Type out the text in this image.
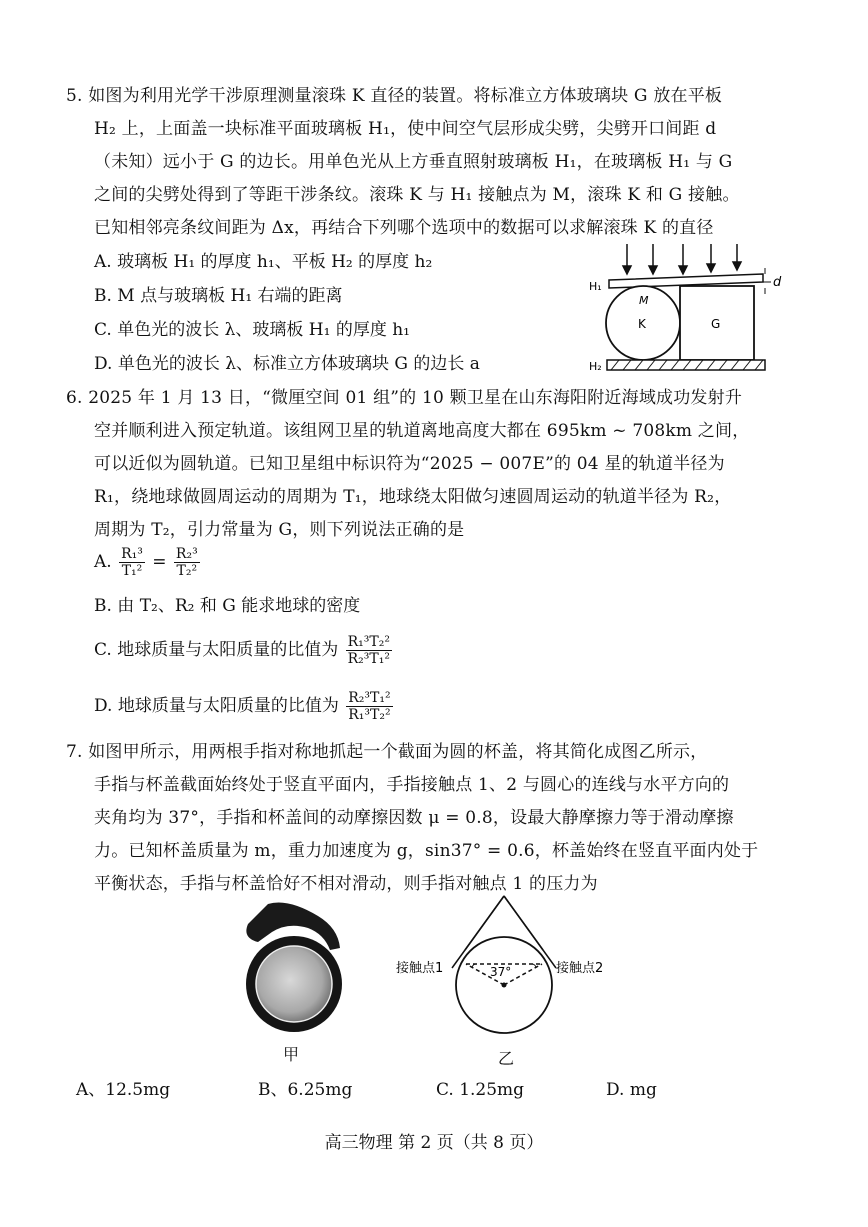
5. 如图为利用光学干涉原理测量滚珠 K 直径的装置。将标准立方体玻璃块 G 放在平板
H₂ 上，上面盖一块标准平面玻璃板 H₁，使中间空气层形成尖劈，尖劈开口间距 d
（未知）远小于 G 的边长。用单色光从上方垂直照射玻璃板 H₁，在玻璃板 H₁ 与 G
之间的尖劈处得到了等距干涉条纹。滚珠 K 与 H₁ 接触点为 M，滚珠 K 和 G 接触。
已知相邻亮条纹间距为 Δx，再结合下列哪个选项中的数据可以求解滚珠 K 的直径
A. 玻璃板 H₁ 的厚度 h₁、平板 H₂ 的厚度 h₂
B. M 点与玻璃板 H₁ 右端的距离
C. 单色光的波长 λ、玻璃板 H₁ 的厚度 h₁
D. 单色光的波长 λ、标准立方体玻璃块 G 的边长 a
d
H₁
M
K	G
H₂
6. 2025 年 1 月 13 日，“微厘空间 01 组”的 10 颗卫星在山东海阳附近海域成功发射升
空并顺利进入预定轨道。该组网卫星的轨道离地高度大都在 695km ~ 708km 之间，
可以近似为圆轨道。已知卫星组中标识符为“2025 − 007E”的 04 星的轨道半径为
R₁，绕地球做圆周运动的周期为 T₁，地球绕太阳做匀速圆周运动的轨道半径为 R₂，
周期为 T₂，引力常量为 G，则下列说法正确的是
A. $\frac{\text{R₁³}}{\text{T₁²}} = \frac{\text{R₂³}}{\text{T₂²}}$
B. 由 T₂、R₂ 和 G 能求地球的密度
C. 地球质量与太阳质量的比值为 $\frac{\text{R₁³T₂²}}{\text{R₂³T₁²}}$
D. 地球质量与太阳质量的比值为 $\frac{\text{R₂³T₁²}}{\text{R₁³T₂²}}$
7. 如图甲所示，用两根手指对称地抓起一个截面为圆的杯盖，将其简化成图乙所示，
手指与杯盖截面始终处于竖直平面内，手指接触点 1、2 与圆心的连线与水平方向的
夹角均为 37°，手指和杯盖间的动摩擦因数 μ = 0.8，设最大静摩擦力等于滑动摩擦
力。已知杯盖质量为 m，重力加速度为 g，sin37° = 0.6，杯盖始终在竖直平面内处于
平衡状态，手指与杯盖恰好不相对滑动，则手指对触点 1 的压力为
甲
37°
接触点1	接触点2
乙
A、12.5mg	B、6.25mg	C. 1.25mg	D. mg
高三物理 第 2 页（共 8 页）
